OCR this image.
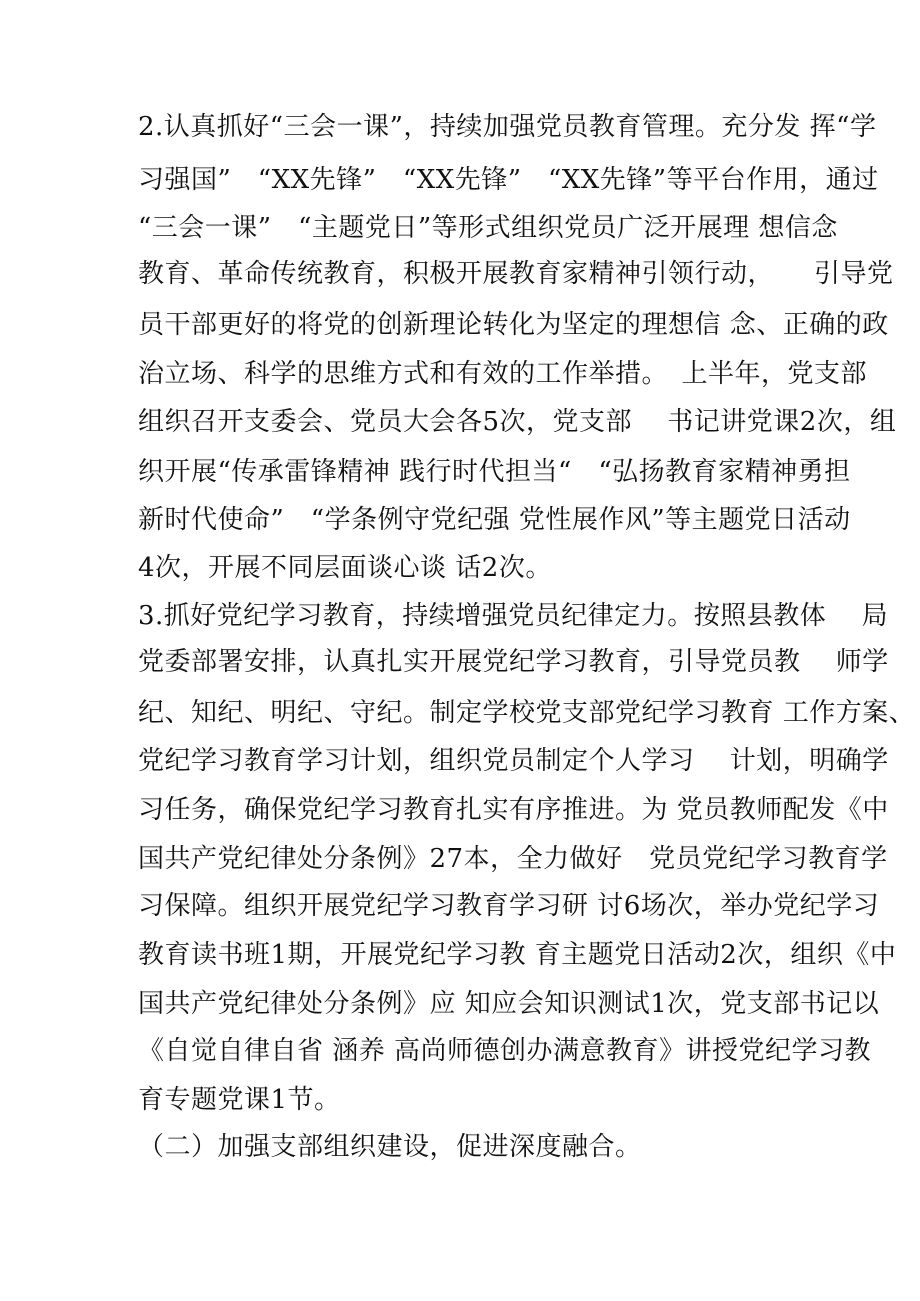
2.认真抓好“三会一课”，持续加强党员教育管理。充分发 挥“学
习强国”　“XX先锋”　“XX先锋”　“XX先锋”等平台作用，通过
“三会一课”　“主题党日”等形式组织党员广泛开展理 想信念
教育、革命传统教育，积极开展教育家精神引领行动，　　引导党
员干部更好的将党的创新理论转化为坚定的理想信 念、正确的政
治立场、科学的思维方式和有效的工作举措。　上半年，党支部
组织召开支委会、党员大会各5次，党支部　 书记讲党课2次，组
织开展“传承雷锋精神 践行时代担当“　“弘扬教育家精神勇担
新时代使命”　“学条例守党纪强 党性展作风”等主题党日活动
4次，开展不同层面谈心谈 话2次。
3.抓好党纪学习教育，持续增强党员纪律定力。按照县教体　 局
党委部署安排，认真扎实开展党纪学习教育，引导党员教　 师学
纪、知纪、明纪、守纪。制定学校党支部党纪学习教育 工作方案、
党纪学习教育学习计划，组织党员制定个人学习　 计划，明确学
习任务，确保党纪学习教育扎实有序推进。为 党员教师配发《中
国共产党纪律处分条例》27本，全力做好　党员党纪学习教育学
习保障。组织开展党纪学习教育学习研 讨6场次，举办党纪学习
教育读书班1期，开展党纪学习教 育主题党日活动2次，组织《中
国共产党纪律处分条例》应 知应会知识测试1次，党支部书记以
《自觉自律自省 涵养 高尚师德创办满意教育》讲授党纪学习教
育专题党课1节。
（二）加强支部组织建设，促进深度融合。
